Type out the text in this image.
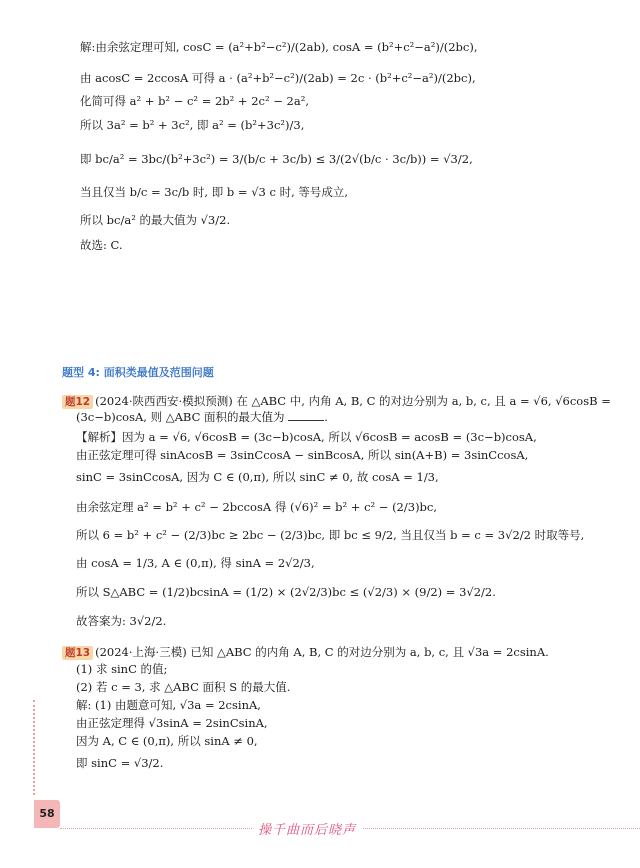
解:由余弦定理可知, cosC = (a²+b²−c²)/(2ab), cosA = (b²+c²−a²)/(2bc),
由 acosC = 2ccosA 可得 a · (a²+b²−c²)/(2ab) = 2c · (b²+c²−a²)/(2bc),
化简可得 a² + b² − c² = 2b² + 2c² − 2a²,
所以 3a² = b² + 3c², 即 a² = (b²+3c²)/3,
即 bc/a² = 3bc/(b²+3c²) = 3/(b/c + 3c/b) ≤ 3/(2√(b/c · 3c/b)) = √3/2,
当且仅当 b/c = 3c/b 时, 即 b = √3 c 时, 等号成立,
所以 bc/a² 的最大值为 √3/2.
故选: C.
题型 4: 面积类最值及范围问题
题12 (2024·陕西西安·模拟预测) 在 △ABC 中, 内角 A, B, C 的对边分别为 a, b, c, 且 a = √6, √6cosB =
(3c−b)cosA, 则 △ABC 面积的最大值为	.
【解析】因为 a = √6, √6cosB = (3c−b)cosA, 所以 √6cosB = acosB = (3c−b)cosA,
由正弦定理可得 sinAcosB = 3sinCcosA − sinBcosA, 所以 sin(A+B) = 3sinCcosA,
sinC = 3sinCcosA, 因为 C ∈ (0,π), 所以 sinC ≠ 0, 故 cosA = 1/3,
由余弦定理 a² = b² + c² − 2bccosA 得 (√6)² = b² + c² − (2/3)bc,
所以 6 = b² + c² − (2/3)bc ≥ 2bc − (2/3)bc, 即 bc ≤ 9/2, 当且仅当 b = c = 3√2/2 时取等号,
由 cosA = 1/3, A ∈ (0,π), 得 sinA = 2√2/3,
所以 S△ABC = (1/2)bcsinA = (1/2) × (2√2/3)bc ≤ (√2/3) × (9/2) = 3√2/2.
故答案为: 3√2/2.
题13 (2024·上海·三模) 已知 △ABC 的内角 A, B, C 的对边分别为 a, b, c, 且 √3a = 2csinA.
(1) 求 sinC 的值;
(2) 若 c = 3, 求 △ABC 面积 S 的最大值.
解: (1) 由题意可知, √3a = 2csinA,
由正弦定理得 √3sinA = 2sinCsinA,
因为 A, C ∈ (0,π), 所以 sinA ≠ 0,
即 sinC = √3/2.
58
操千曲而后晓声
